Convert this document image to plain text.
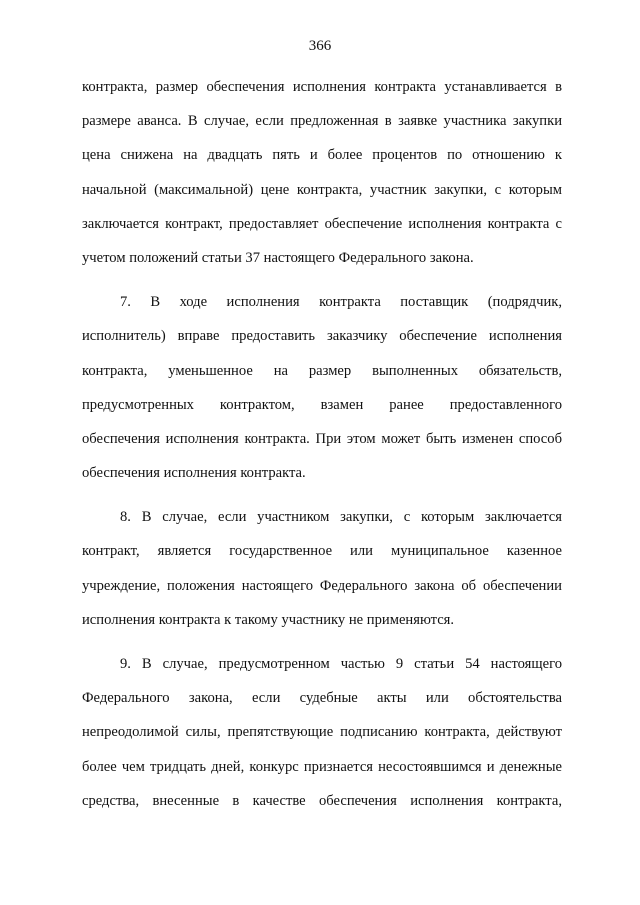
366
контракта, размер обеспечения исполнения контракта устанавливается в
размере аванса. В случае, если предложенная в заявке участника закупки
цена снижена на двадцать пять и более процентов по отношению к
начальной (максимальной) цене контракта, участник закупки, с которым
заключается контракт, предоставляет обеспечение исполнения контракта с
учетом положений статьи 37 настоящего Федерального закона.
7. В ходе исполнения контракта поставщик (подрядчик,
исполнитель) вправе предоставить заказчику обеспечение исполнения
контракта, уменьшенное на размер выполненных обязательств,
предусмотренных контрактом, взамен ранее предоставленного
обеспечения исполнения контракта. При этом может быть изменен способ
обеспечения исполнения контракта.
8. В случае, если участником закупки, с которым заключается
контракт, является государственное или муниципальное казенное
учреждение, положения настоящего Федерального закона об обеспечении
исполнения контракта к такому участнику не применяются.
9. В случае, предусмотренном частью 9 статьи 54 настоящего
Федерального закона, если судебные акты или обстоятельства
непреодолимой силы, препятствующие подписанию контракта, действуют
более чем тридцать дней, конкурс признается несостоявшимся и денежные
средства, внесенные в качестве обеспечения исполнения контракта,
